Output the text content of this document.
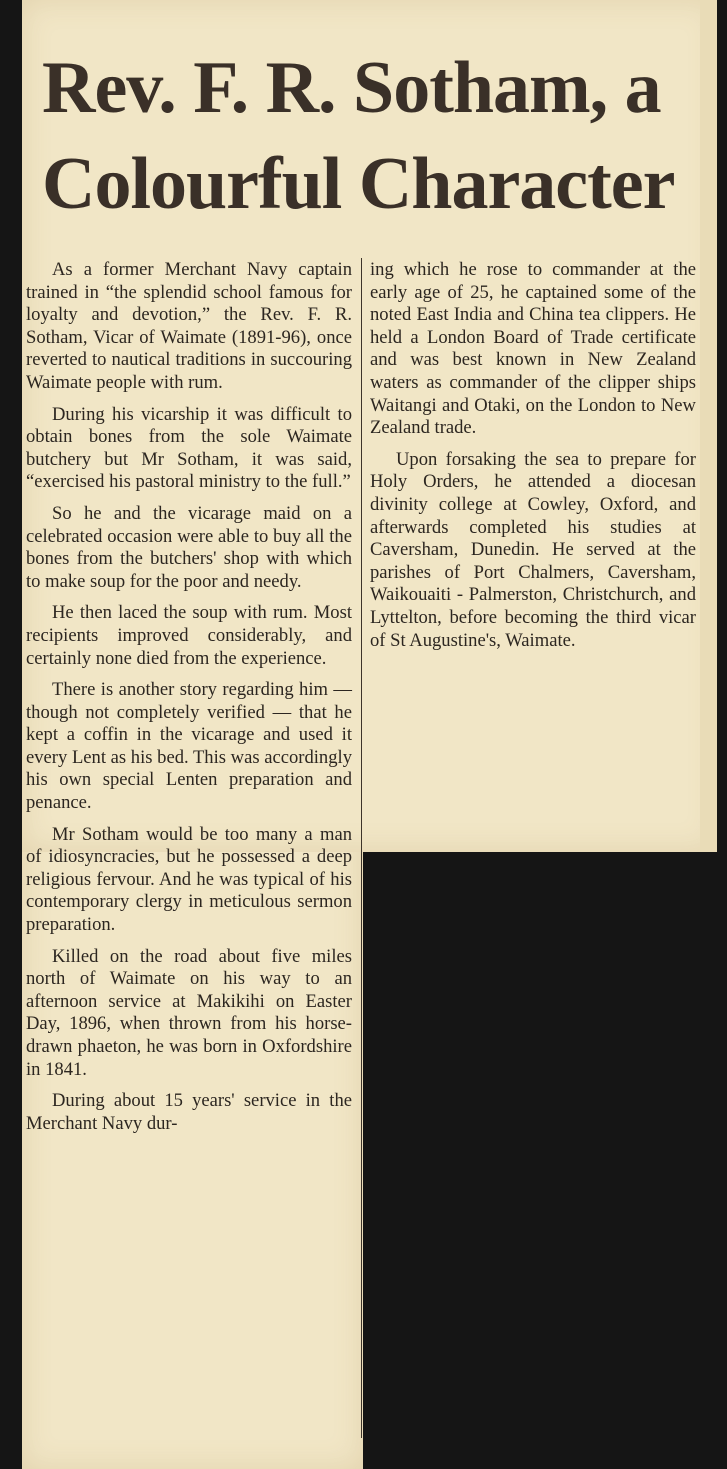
Rev. F. R. Sotham, a Colourful Character

As a former Merchant Navy captain trained in “the splendid school famous for loyalty and devotion,” the Rev. F. R. Sotham, Vicar of Waimate (1891-96), once reverted to nautical traditions in succouring Waimate people with rum.

During his vicarship it was difficult to obtain bones from the sole Waimate butchery but Mr Sotham, it was said, “exercised his pastoral ministry to the full.”

So he and the vicarage maid on a celebrated occasion were able to buy all the bones from the butchers' shop with which to make soup for the poor and needy.

He then laced the soup with rum. Most recipients improved considerably, and certainly none died from the experience.

There is another story regarding him — though not completely verified — that he kept a coffin in the vicarage and used it every Lent as his bed. This was accordingly his own special Lenten preparation and penance.

Mr Sotham would be too many a man of idiosyncracies, but he possessed a deep religious fervour. And he was typical of his contemporary clergy in meticulous sermon preparation.

Killed on the road about five miles north of Waimate on his way to an afternoon service at Makikihi on Easter Day, 1896, when thrown from his horse-drawn phaeton, he was born in Oxfordshire in 1841.

During about 15 years' service in the Merchant Navy dur-

ing which he rose to commander at the early age of 25, he captained some of the noted East India and China tea clippers. He held a London Board of Trade certificate and was best known in New Zealand waters as commander of the clipper ships Waitangi and Otaki, on the London to New Zealand trade.

Upon forsaking the sea to prepare for Holy Orders, he attended a diocesan divinity college at Cowley, Oxford, and afterwards completed his studies at Caversham, Dunedin. He served at the parishes of Port Chalmers, Caversham, Waikouaiti - Palmerston, Christchurch, and Lyttelton, before becoming the third vicar of St Augustine's, Waimate.
